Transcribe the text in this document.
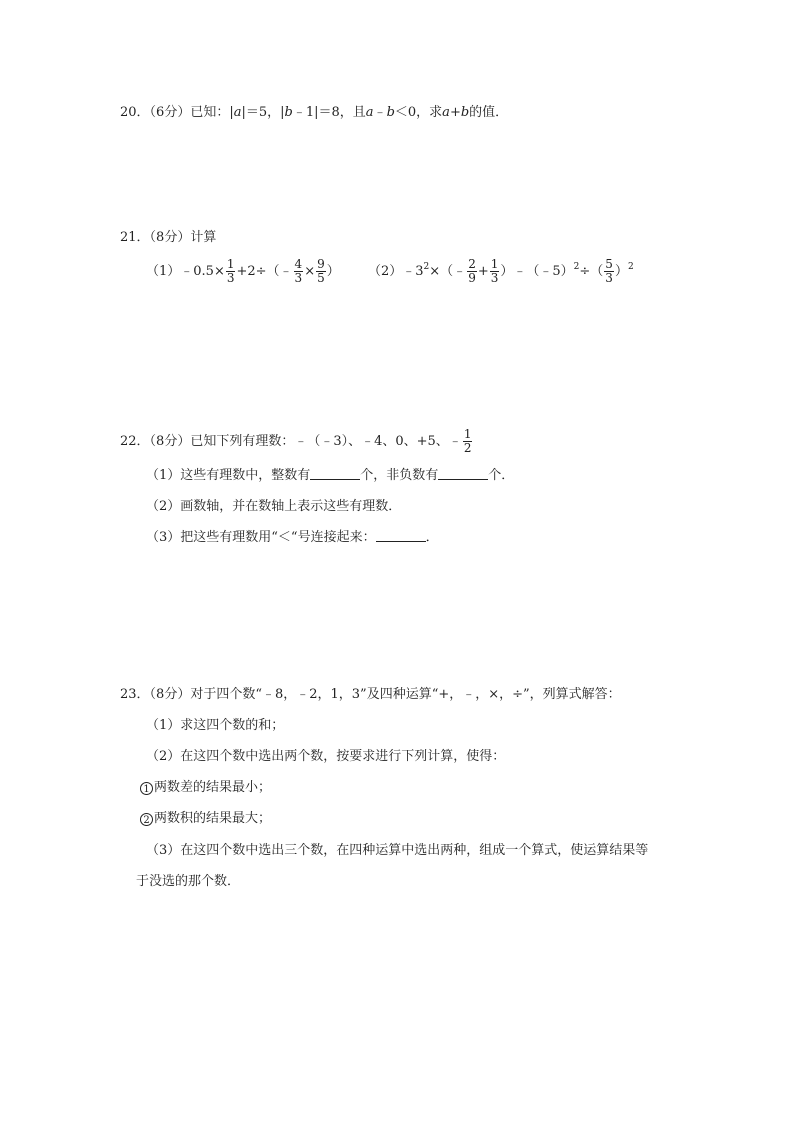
20．（6分）已知：|a|＝5，|b﹣1|＝8，且a﹣b＜0，求a+b的值．
21．（8分）计算
（1）﹣0.5× $\frac{1}{3}$ +2÷（﹣ $\frac{4}{3} \times \frac{9}{5}$ ） $(2)﹣3^2\times(﹣ \frac{2}{9} + \frac{1}{3}$ ）﹣（﹣5）$^2$÷（ $\frac{5}{3} )^2$
22．（8分）已知下列有理数：﹣（﹣3）、﹣4、0、+5、﹣ $\frac{1}{2}$
（1）这些有理数中，整数有	个，非负数有	个．
（2）画数轴，并在数轴上表示这些有理数．
（3）把这些有理数用“＜“号连接起来：	．
23．（8分）对于四个数“﹣8，﹣2，1，3”及四种运算“+，﹣，×，÷”，列算式解答：
（1）求这四个数的和；
（2）在这四个数中选出两个数，按要求进行下列计算，使得：
1 两数差的结果最小；
2 两数积的结果最大；
（3）在这四个数中选出三个数，在四种运算中选出两种，组成一个算式，使运算结果等
于没选的那个数．
